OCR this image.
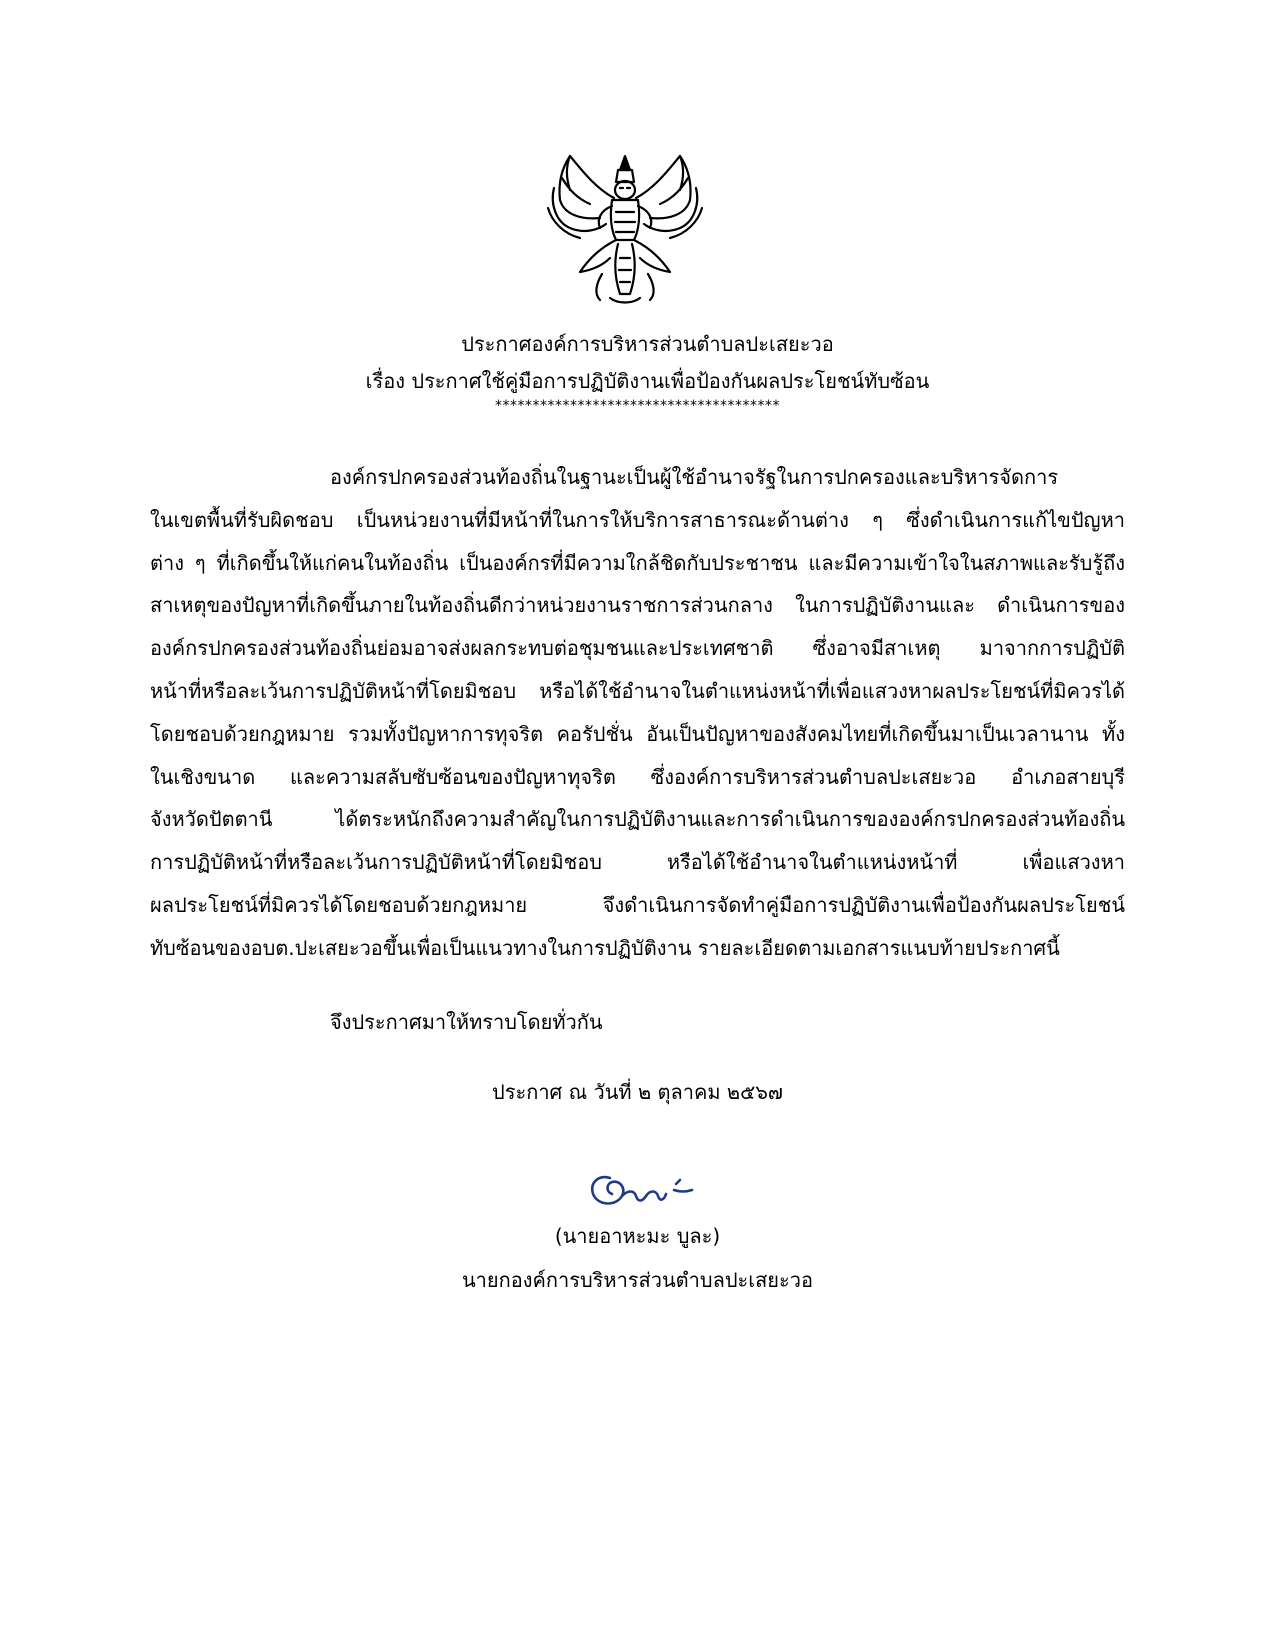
ประกาศองค์การบริหารส่วนตำบลปะเสยะวอ
เรื่อง ประกาศใช้คู่มือการปฏิบัติงานเพื่อป้องกันผลประโยชน์ทับซ้อน
**************************************
องค์กรปกครองส่วนท้องถิ่นในฐานะเป็นผู้ใช้อำนาจรัฐในการปกครองและบริหารจัดการ
ในเขตพื้นที่รับผิดชอบ เป็นหน่วยงานที่มีหน้าที่ในการให้บริการสาธารณะด้านต่าง ๆ ซึ่งดำเนินการแก้ไขปัญหา
ต่าง ๆ ที่เกิดขึ้นให้แก่คนในท้องถิ่น เป็นองค์กรที่มีความใกล้ชิดกับประชาชน และมีความเข้าใจในสภาพและรับรู้ถึง
สาเหตุของปัญหาที่เกิดขึ้นภายในท้องถิ่นดีกว่าหน่วยงานราชการส่วนกลาง ในการปฏิบัติงานและ ดำเนินการของ
องค์กรปกครองส่วนท้องถิ่นย่อมอาจส่งผลกระทบต่อชุมชนและประเทศชาติ ซึ่งอาจมีสาเหตุ มาจากการปฏิบัติ
หน้าที่หรือละเว้นการปฏิบัติหน้าที่โดยมิชอบ หรือได้ใช้อำนาจในตำแหน่งหน้าที่เพื่อแสวงหาผลประโยชน์ที่มิควรได้
โดยชอบด้วยกฎหมาย รวมทั้งปัญหาการทุจริต คอรัปชั่น อันเป็นปัญหาของสังคมไทยที่เกิดขึ้นมาเป็นเวลานาน ทั้ง
ในเชิงขนาด และความสลับซับซ้อนของปัญหาทุจริต ซึ่งองค์การบริหารส่วนตำบลปะเสยะวอ อำเภอสายบุรี
จังหวัดปัตตานี ได้ตระหนักถึงความสำคัญในการปฏิบัติงานและการดำเนินการขององค์กรปกครองส่วนท้องถิ่น
การปฏิบัติหน้าที่หรือละเว้นการปฏิบัติหน้าที่โดยมิชอบ หรือได้ใช้อำนาจในตำแหน่งหน้าที่ เพื่อแสวงหา
ผลประโยชน์ที่มิควรได้โดยชอบด้วยกฎหมาย จึงดำเนินการจัดทำคู่มือการปฏิบัติงานเพื่อป้องกันผลประโยชน์
ทับซ้อนของอบต.ปะเสยะวอขึ้นเพื่อเป็นแนวทางในการปฏิบัติงาน รายละเอียดตามเอกสารแนบท้ายประกาศนี้
จึงประกาศมาให้ทราบโดยทั่วกัน
ประกาศ ณ วันที่ ๒ ตุลาคม ๒๕๖๗
(นายอาหะมะ บูละ)
นายกองค์การบริหารส่วนตำบลปะเสยะวอ
